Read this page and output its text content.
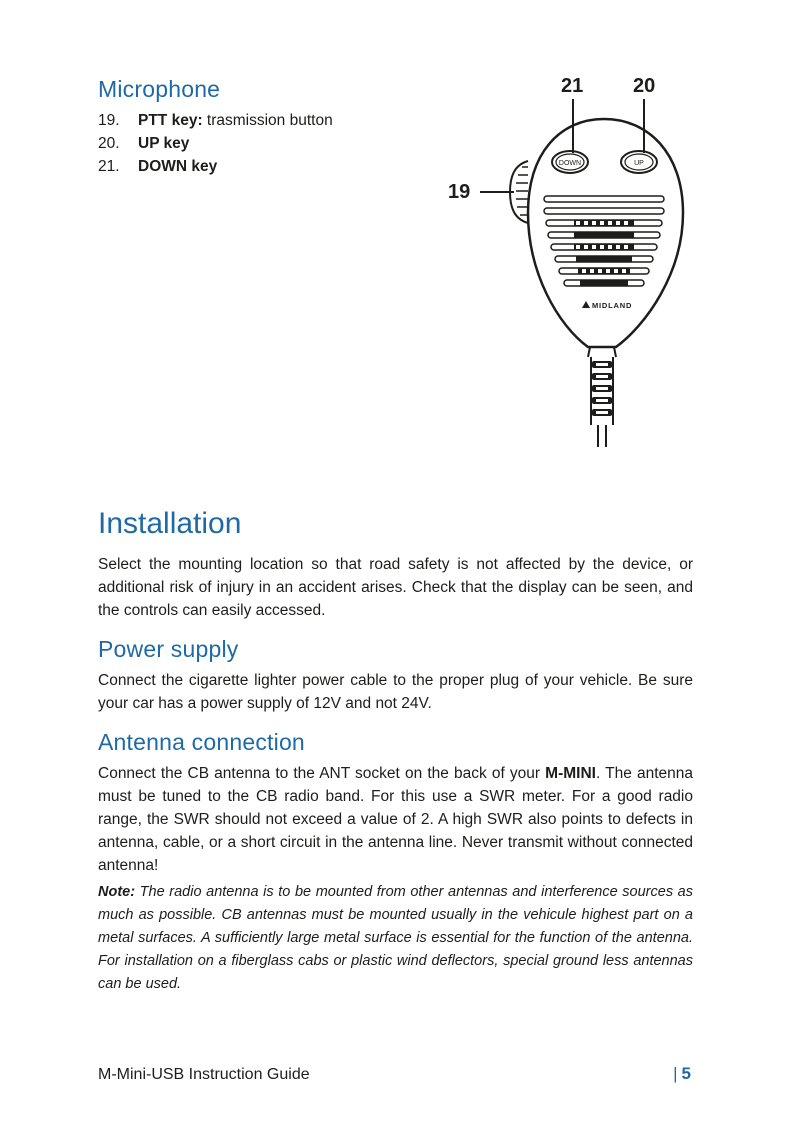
Microphone
19.	PTT key: trasmission button
20.	UP key
21.	DOWN key
21 20
19
DOWN	UP
MIDLAND
Installation

Select the mounting location so that road safety is not affected by the device, or additional risk of injury in an accident arises. Check that the display can be seen, and the controls can easily accessed.

Power supply

Connect the cigarette lighter power cable to the proper plug of your vehicle. Be sure your car has a power supply of 12V and not 24V.

Antenna connection

Connect the CB antenna to the ANT socket on the back of your M-MINI. The antenna must be tuned to the CB radio band. For this use a SWR meter. For a good radio range, the SWR should not exceed a value of 2. A high SWR also points to defects in antenna, cable, or a short circuit in the antenna line. Never transmit without connected antenna!

Note: The radio antenna is to be mounted from other antennas and interference sources as much as possible. CB antennas must be mounted usually in the vehicule highest part on a metal surfaces. A sufficiently large metal surface is essential for the function of the antenna. For installation on a fiberglass cabs or plastic wind deflectors, special ground less antennas can be used.

M-Mini-USB Instruction Guide	| 5
